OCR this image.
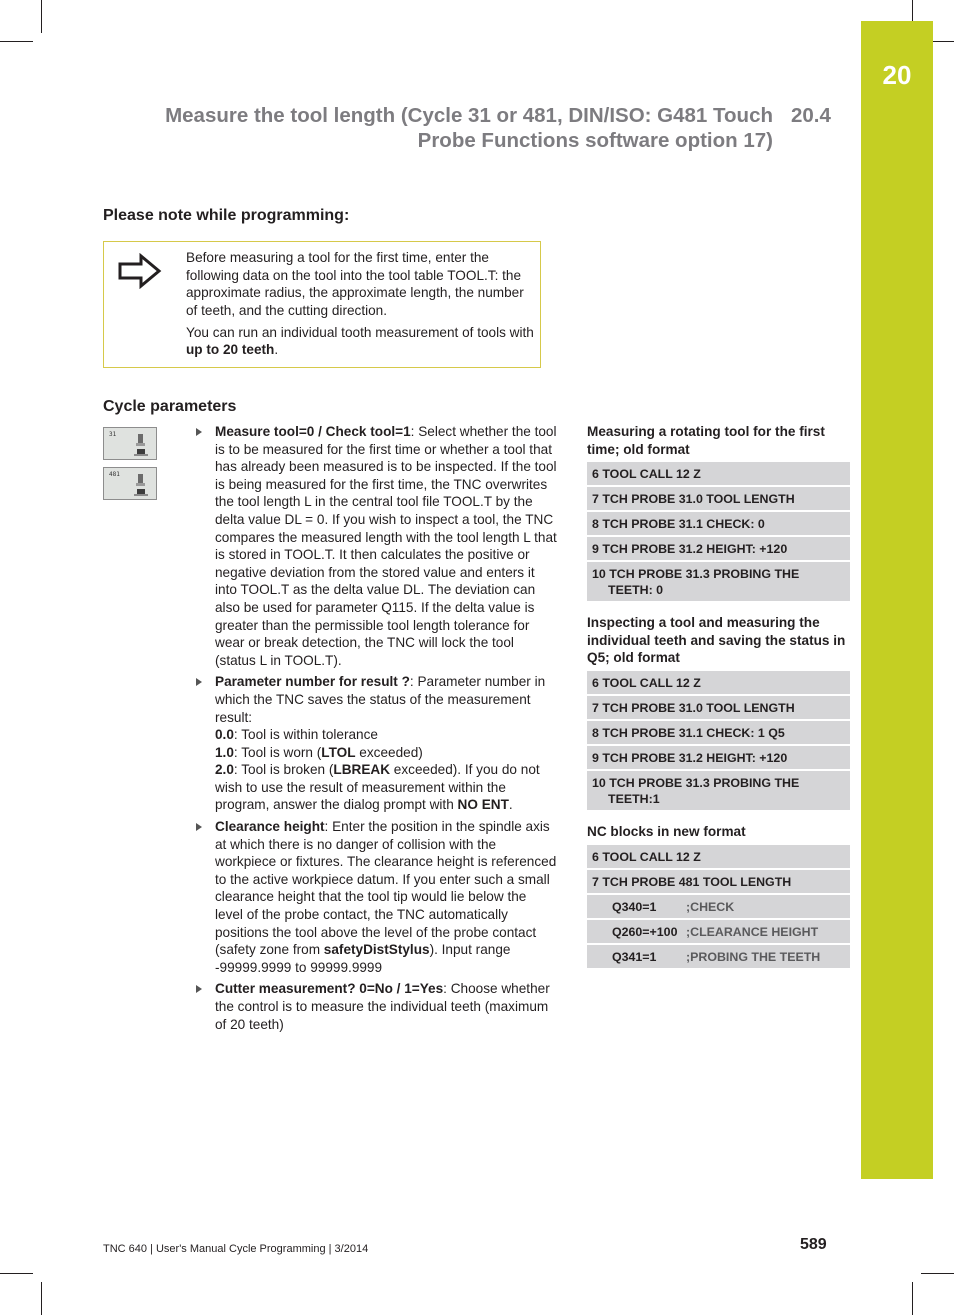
20
Measure the tool length (Cycle 31 or 481, DIN/ISO: G481 Touch
Probe Functions software option 17)
20.4
Please note while programming:

Before measuring a tool for the first time, enter the following data on the tool into the tool table TOOL.T: the approximate radius, the approximate length, the number of teeth, and the cutting direction.

You can run an individual tooth measurement of tools with up to 20 teeth.

Cycle parameters
31
481
Measure tool=0 / Check tool=1: Select whether the tool is to be measured for the first time or whether a tool that has already been measured is to be inspected. If the tool is being measured for the first time, the TNC overwrites the tool length L in the central tool file TOOL.T by the delta value DL = 0. If you wish to inspect a tool, the TNC compares the measured length with the tool length L that is stored in TOOL.T. It then calculates the positive or negative deviation from the stored value and enters it into TOOL.T as the delta value DL. The deviation can also be used for parameter Q115. If the delta value is greater than the permissible tool length tolerance for wear or break detection, the TNC will lock the tool (status L in TOOL.T).
Parameter number for result ?: Parameter number in which the TNC saves the status of the measurement result:
0.0: Tool is within tolerance
1.0: Tool is worn (LTOL exceeded)
2.0: Tool is broken (LBREAK exceeded). If you do not wish to use the result of measurement within the program, answer the dialog prompt with NO ENT.
Clearance height: Enter the position in the spindle axis at which there is no danger of collision with the workpiece or fixtures. The clearance height is referenced to the active workpiece datum. If you enter such a small clearance height that the tool tip would lie below the level of the probe contact, the TNC automatically positions the tool above the level of the probe contact (safety zone from safetyDistStylus). Input range -99999.9999 to 99999.9999
Cutter measurement? 0=No / 1=Yes: Choose whether the control is to measure the individual teeth (maximum of 20 teeth)
Measuring a rotating tool for the first time; old format
6 TOOL CALL 12 Z
7 TCH PROBE 31.0 TOOL LENGTH
8 TCH PROBE 31.1 CHECK: 0
9 TCH PROBE 31.2 HEIGHT: +120
10 TCH PROBE 31.3 PROBING THE
TEETH: 0
Inspecting a tool and measuring the individual teeth and saving the status in Q5; old format
6 TOOL CALL 12 Z
7 TCH PROBE 31.0 TOOL LENGTH
8 TCH PROBE 31.1 CHECK: 1 Q5
9 TCH PROBE 31.2 HEIGHT: +120
10 TCH PROBE 31.3 PROBING THE
TEETH:1
NC blocks in new format
6 TOOL CALL 12 Z
7 TCH PROBE 481 TOOL LENGTH
Q340=1 ;CHECK
Q260=+100 ;CLEARANCE HEIGHT
Q341=1 ;PROBING THE TEETH
TNC 640 | User's Manual Cycle Programming | 3/2014	589
